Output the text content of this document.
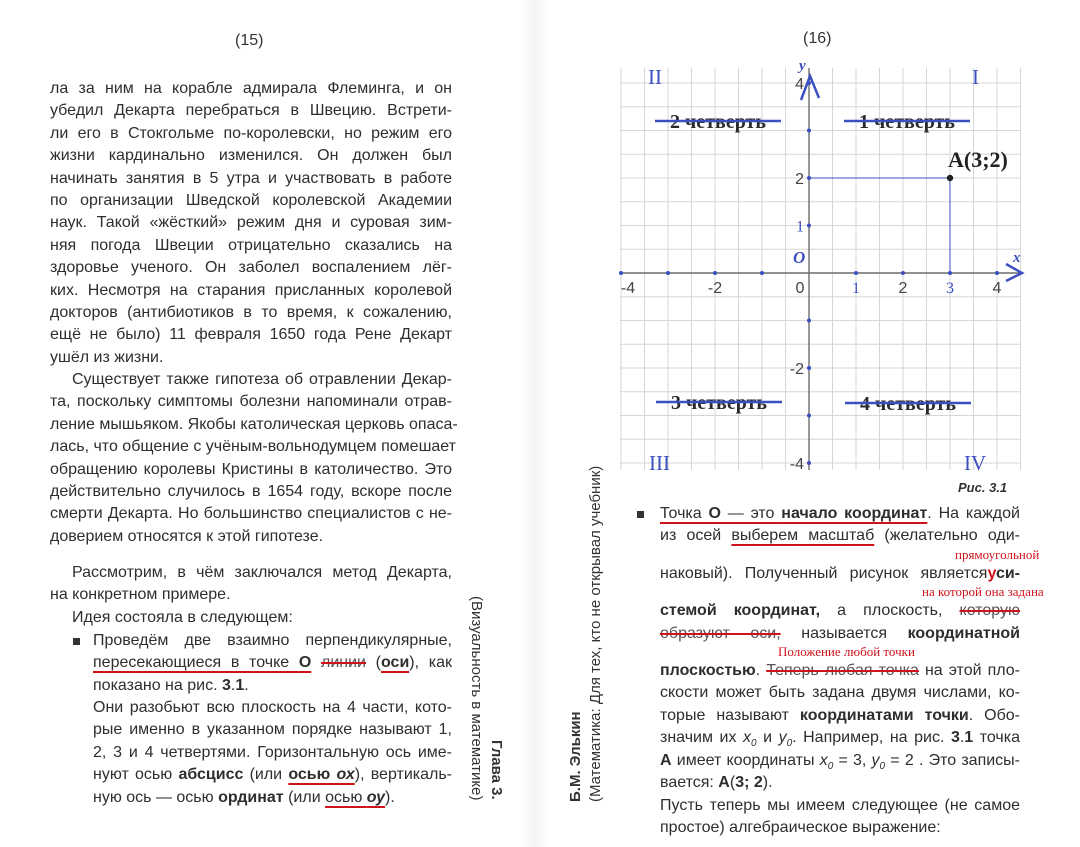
(15)
ла за ним на корабле адмирала Флеминга, и он
убедил Декарта перебраться в Швецию. Встрети-
ли его в Стокгольме по-королевски, но режим его
жизни кардинально изменился. Он должен был
начинать занятия в 5 утра и участвовать в работе
по организации Шведской королевской Академии
наук. Такой «жёсткий» режим дня и суровая зим-
няя погода Швеции отрицательно сказались на
здоровье ученого. Он заболел воспалением лёг-
ких. Несмотря на старания присланных королевой
докторов (антибиотиков в то время, к сожалению,
ещё не было) 11 февраля 1650 года Рене Декарт
ушёл из жизни.
Существует также гипотеза об отравлении Декар-
та, поскольку симптомы болезни напоминали отрав-
ление мышьяком. Якобы католическая церковь опаса-
лась, что общение с учёным-вольнодумцем помешает
обращению королевы Кристины в католичество. Это
действительно случилось в 1654 году, вскоре после
смерти Декарта. Но большинство специалистов с не-
доверием относятся к этой гипотезе.
Рассмотрим, в чём заключался метод Декарта,
на конкретном примере.
Идея состояла в следующем:
Проведём две взаимно перпендикулярные,
пересекающиеся в точке О линии (оси), как
показано на рис. 3.1.
Они разобьют всю плоскость на 4 части, кото-
рые именно в указанном порядке называют 1,
2, 3 и 4 четвертями. Горизонтальную ось име-
нуют осью абсцисс (или осью ох), вертикаль-
ную ось — осью ординат (или осью оу).	Глава 3.
(Визуальность в математике)
(16)
Б.М. Элькин (Математика: Для тех, кто не открывал учебник)
-4	-2	0	1 2 3 4
4
2
1
-2
-4
O	x
y	I
II
III	IV
1 четверть
2 четверть
3 четверть	4 четверть
A(3;2)
Рис. 3.1
Точка О — это начало координат. На каждой
из осей выберем масштаб (желательно оди-
наковый). Полученный рисунок являетсяуси-
стемой координат, а плоскость, которую
образуют оси, называется координатной
плоскостью. Теперь любая точка на этой пло-
скости может быть задана двумя числами, ко-
торые называют координатами точки. Обо-
значим их $x_0$ и $y_0$. Например, на рис. 3.1 точка
А имеет координаты $x_0 = 3$, $y_0 = 2$ . Это записы-
вается: А(3; 2).
Пусть теперь мы имеем следующее (не самое
простое) алгебраическое выражение:
прямоугольной
на которой она задана
Положение любой точки
